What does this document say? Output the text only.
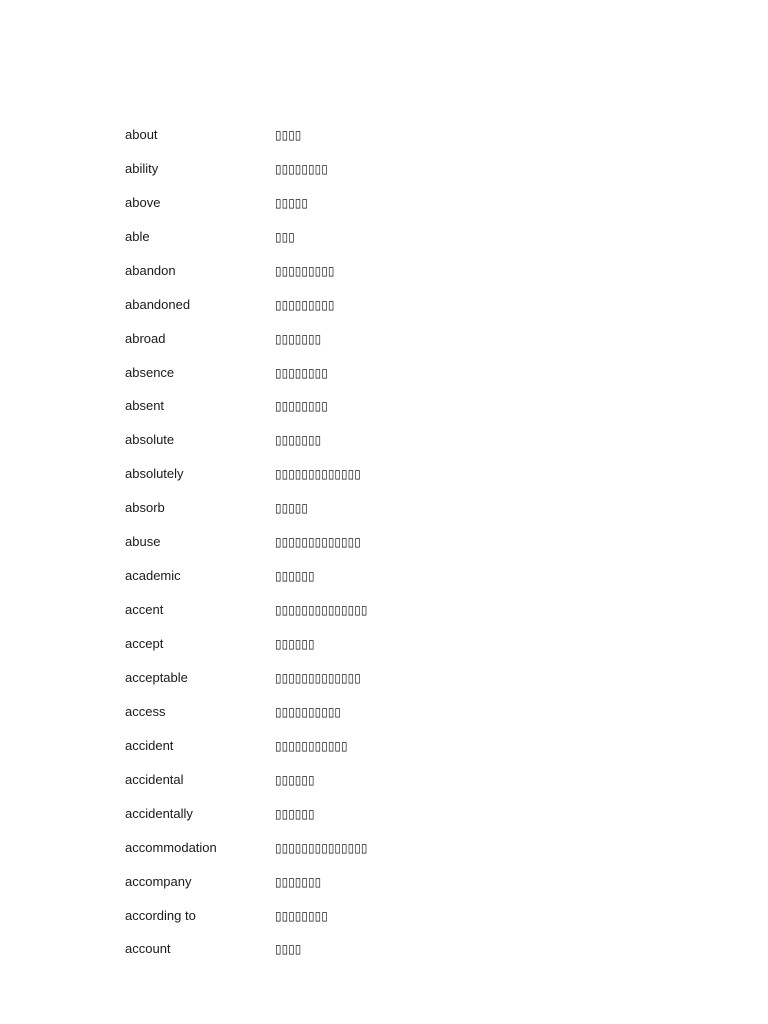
about	▯▯▯▯
ability	▯▯▯▯▯▯▯▯
above	▯▯▯▯▯
able	▯▯▯
abandon	▯▯▯▯▯▯▯▯▯
abandoned	▯▯▯▯▯▯▯▯▯
abroad	▯▯▯▯▯▯▯
absence	▯▯▯▯▯▯▯▯
absent	▯▯▯▯▯▯▯▯
absolute	▯▯▯▯▯▯▯
absolutely	▯▯▯▯▯▯▯▯▯▯▯▯▯
absorb	▯▯▯▯▯
abuse	▯▯▯▯▯▯▯▯▯▯▯▯▯
academic	▯▯▯▯▯▯
accent	▯▯▯▯▯▯▯▯▯▯▯▯▯▯
accept	▯▯▯▯▯▯
acceptable	▯▯▯▯▯▯▯▯▯▯▯▯▯
access	▯▯▯▯▯▯▯▯▯▯
accident	▯▯▯▯▯▯▯▯▯▯▯
accidental	▯▯▯▯▯▯
accidentally	▯▯▯▯▯▯
accommodation	▯▯▯▯▯▯▯▯▯▯▯▯▯▯
accompany	▯▯▯▯▯▯▯
according to	▯▯▯▯▯▯▯▯
account	▯▯▯▯
